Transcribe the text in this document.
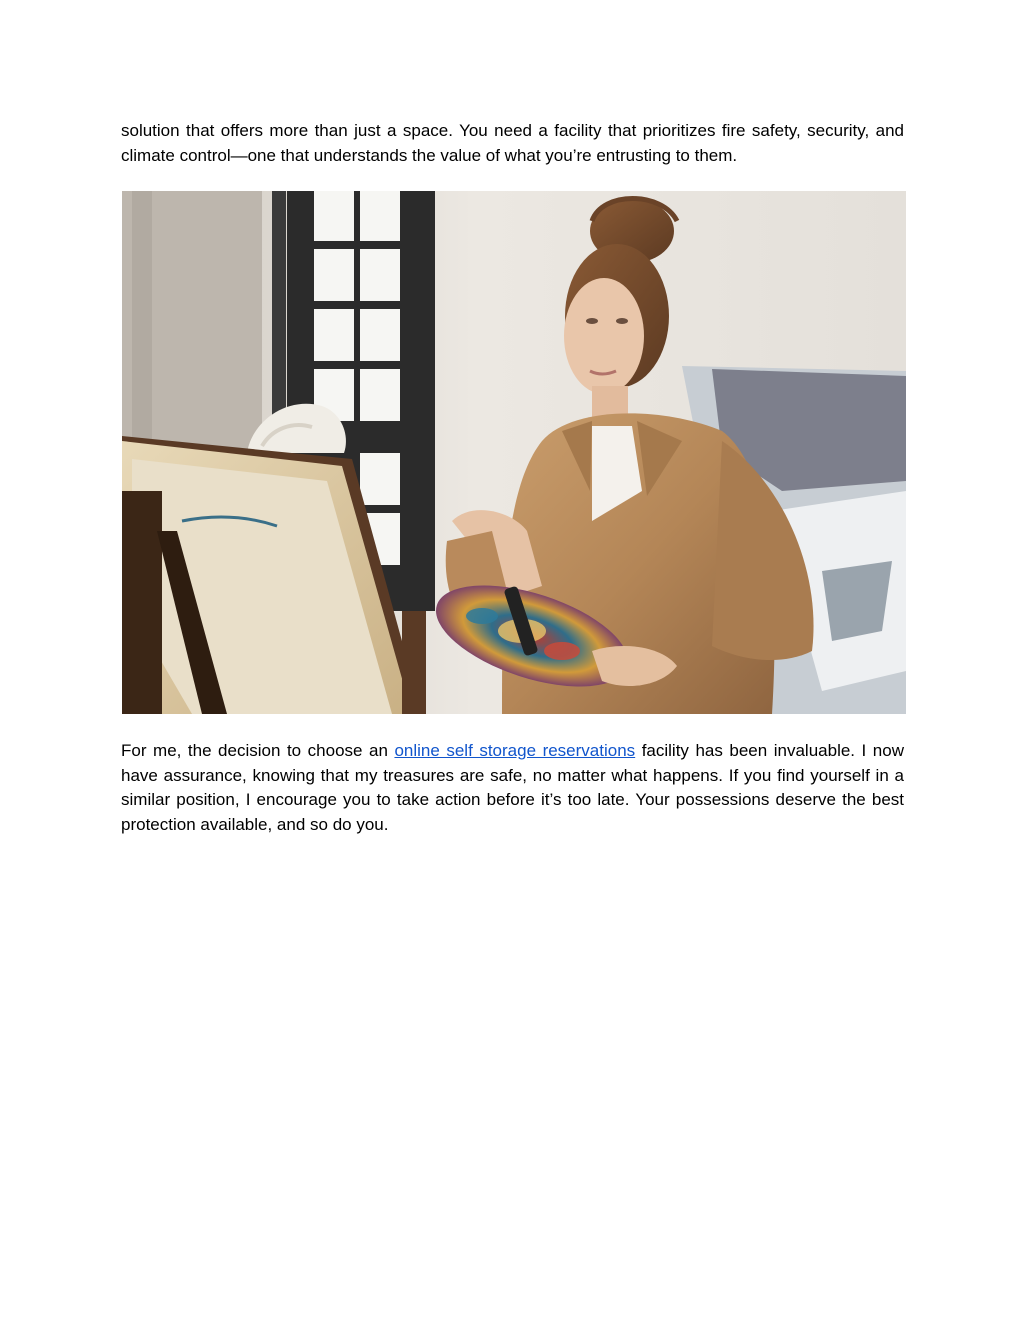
solution that offers more than just a space. You need a facility that prioritizes fire safety, security, and climate control—one that understands the value of what you’re entrusting to them.

For me, the decision to choose an online self storage reservations facility has been invaluable. I now have assurance, knowing that my treasures are safe, no matter what happens. If you find yourself in a similar position, I encourage you to take action before it’s too late. Your possessions deserve the best protection available, and so do you.
